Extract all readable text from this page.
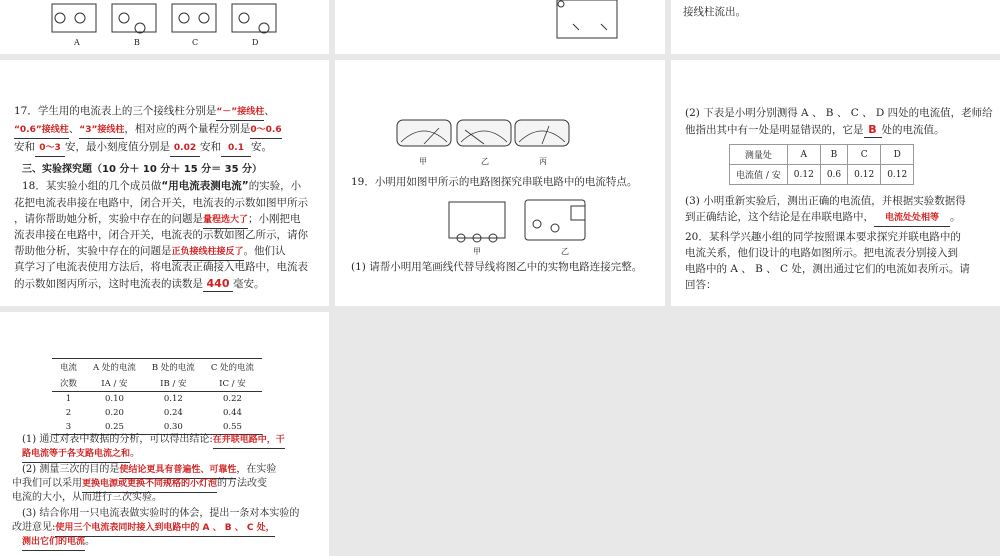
A	B	C	D

接线柱流出。

17．学生用的电流表上的三个接线柱分别是“－”接线柱、

“0.6”接线柱、“3”接线柱，相对应的两个量程分别是0～0.6

安和 0～3 安，最小刻度值分别是 0.02 安和 0.1 安。

三、实验探究题（10 分＋ 10 分＋ 15 分＝ 35 分）

18．某实验小组的几个成员做“用电流表测电流”的实验，小

花把电流表串接在电路中，闭合开关，电流表的示数如图甲所示

，请你帮助她分析，实验中存在的问题是量程选大了；小刚把电

流表串接在电路中，闭合开关，电流表的示数如图乙所示，请你

帮助他分析，实验中存在的问题是正负接线柱接反了。他们认

真学习了电流表使用方法后，将电流表正确接入电路中，电流表

的示数如图丙所示，这时电流表的读数是 440 毫安。

甲	乙	丙

19．小明用如图甲所示的电路图探究串联电路中的电流特点。

甲	乙

(1) 请帮小明用笔画线代替导线将图乙中的实物电路连接完整。

(2) 下表是小明分别测得 A 、 B 、 C 、 D 四处的电流值，老师给

他指出其中有一处是明显错误的，它是 B 处的电流值。

测量处	A	B	C	D
电流值 / 安	0.12	0.6	0.12	0.12

(3) 小明重新实验后，测出正确的电流值，并根据实验数据得

到正确结论，这个结论是在串联电路中， 电流处处相等 。

20．某科学兴趣小组的同学按照课本要求探究并联电路中的

电流关系，他们设计的电路如图所示。把电流表分别接入到

电路中的 A 、 B 、 C 处，测出通过它们的电流如表所示。请

回答：

电流	A 处的电流	B 处的电流	C 处的电流
次数	IA / 安	IB / 安	IC / 安
1	0.10	0.12	0.22
2	0.20	0.24	0.44
3	0.25	0.30	0.55

(1) 通过对表中数据的分析，可以得出结论:在并联电路中，干

路电流等于各支路电流之和。

(2) 测量三次的目的是使结论更具有普遍性、可靠性，在实验

中我们可以采用更换电源或更换不同规格的小灯泡的方法改变

电流的大小，从而进行三次实验。

(3) 结合你用一只电流表做实验时的体会，提出一条对本实验的

改进意见:使用三个电流表同时接入到电路中的 A 、 B 、 C 处，

测出它们的电流。
